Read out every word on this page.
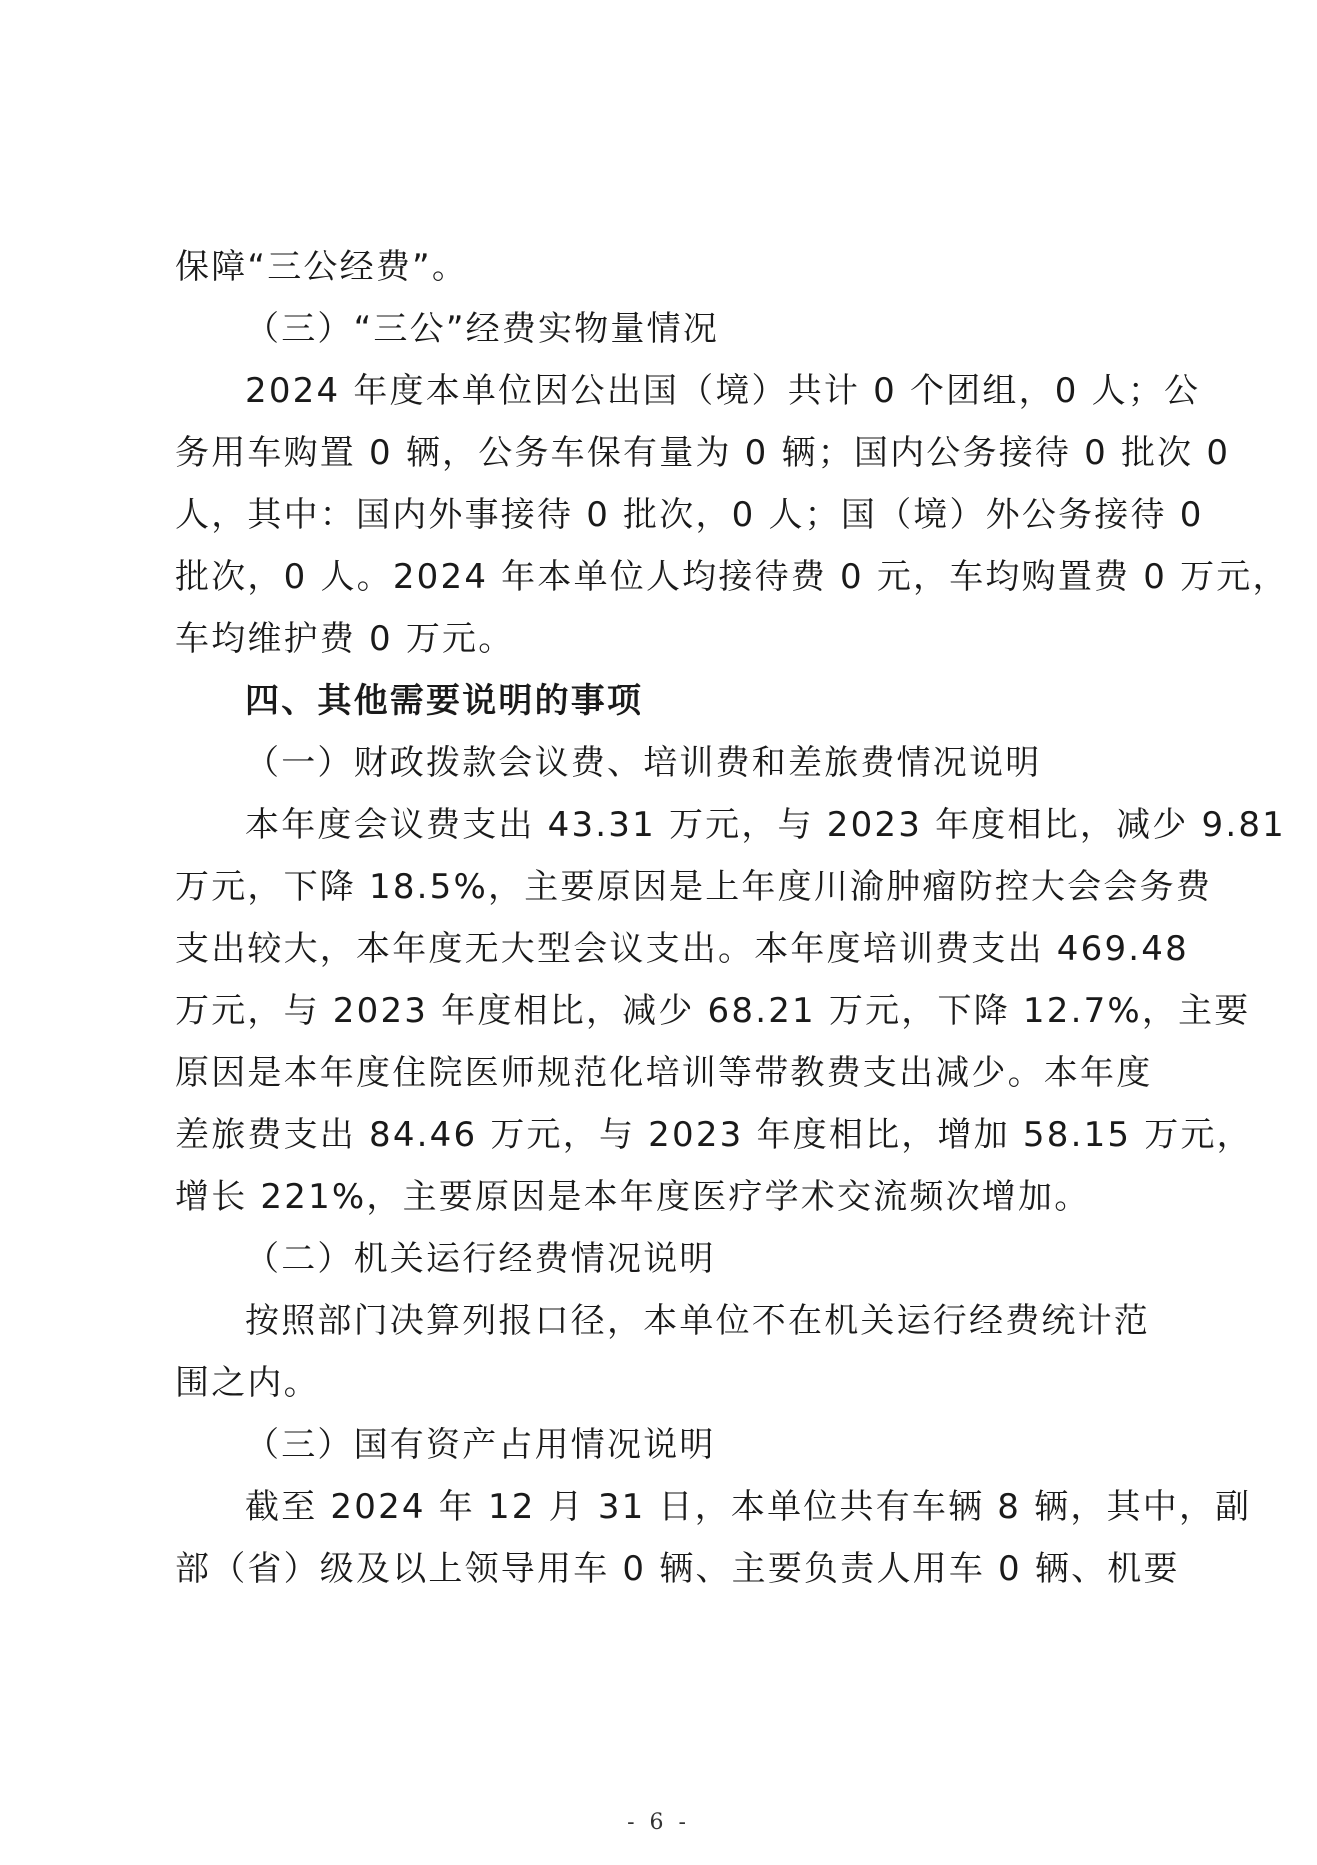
保障“三公经费”。
（三）“三公”经费实物量情况
2024 年度本单位因公出国（境）共计 0 个团组，0 人；公
务用车购置 0 辆，公务车保有量为 0 辆；国内公务接待 0 批次 0
人，其中：国内外事接待 0 批次，0 人；国（境）外公务接待 0
批次，0 人。2024 年本单位人均接待费 0 元，车均购置费 0 万元，
车均维护费 0 万元。
四、其他需要说明的事项
（一）财政拨款会议费、培训费和差旅费情况说明
本年度会议费支出 43.31 万元，与 2023 年度相比，减少 9.81
万元，下降 18.5%，主要原因是上年度川渝肿瘤防控大会会务费
支出较大，本年度无大型会议支出。本年度培训费支出 469.48
万元，与 2023 年度相比，减少 68.21 万元，下降 12.7%，主要
原因是本年度住院医师规范化培训等带教费支出减少。本年度
差旅费支出 84.46 万元，与 2023 年度相比，增加 58.15 万元，
增长 221%，主要原因是本年度医疗学术交流频次增加。
（二）机关运行经费情况说明
按照部门决算列报口径，本单位不在机关运行经费统计范
围之内。
（三）国有资产占用情况说明
截至 2024 年 12 月 31 日，本单位共有车辆 8 辆，其中，副
部（省）级及以上领导用车 0 辆、主要负责人用车 0 辆、机要
- 6 -
